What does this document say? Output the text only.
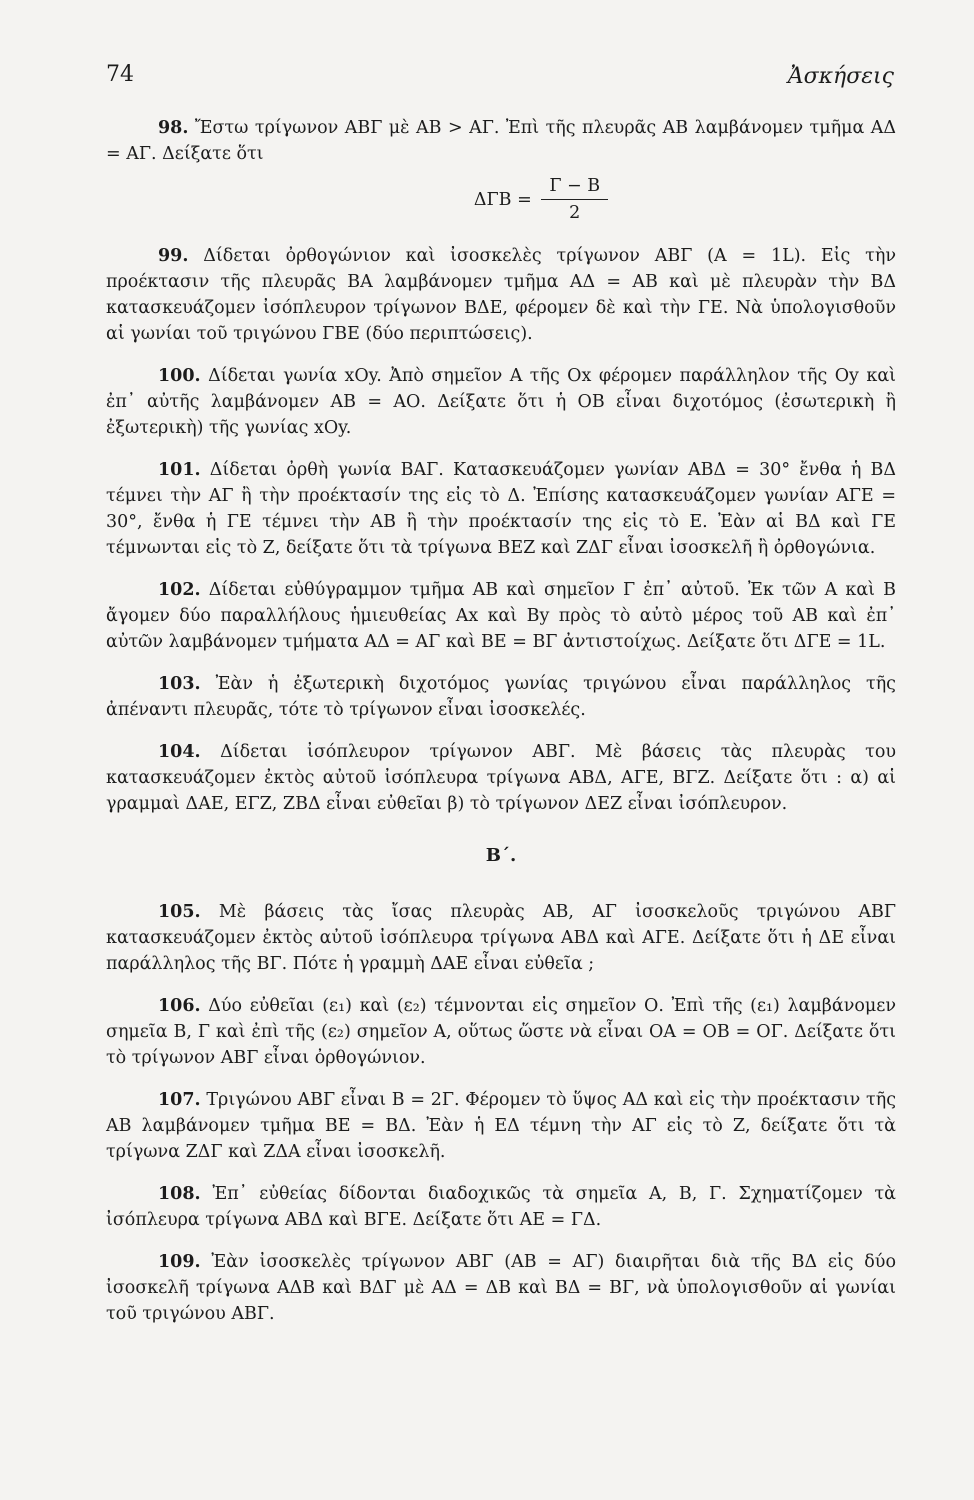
74	Ἀσκήσεις

98. Ἔστω τρίγωνον ΑΒΓ μὲ ΑΒ > ΑΓ. Ἐπὶ τῆς πλευρᾶς ΑΒ λαμβάνομεν τμῆμα ΑΔ = ΑΓ. Δείξατε ὅτι

$\Delta\Gamma B = \frac{\Gamma - B}{2}$

99. Δίδεται ὀρθογώνιον καὶ ἰσοσκελὲς τρίγωνον ΑΒΓ (Α = 1L). Εἰς τὴν προέκτασιν τῆς πλευρᾶς ΒΑ λαμβάνομεν τμῆμα ΑΔ = ΑΒ καὶ μὲ πλευρὰν τὴν ΒΔ κατασκευάζομεν ἰσόπλευρον τρίγωνον ΒΔΕ, φέρομεν δὲ καὶ τὴν ΓΕ. Νὰ ὑπολογισθοῦν αἱ γωνίαι τοῦ τριγώνου ΓΒΕ (δύο περιπτώσεις).

100. Δίδεται γωνία xOy. Ἀπὸ σημεῖον Α τῆς Ox φέρομεν παράλληλον τῆς Oy καὶ ἐπ᾽ αὐτῆς λαμβάνομεν ΑΒ = ΑΟ. Δείξατε ὅτι ἡ ΟΒ εἶναι διχοτόμος (ἐσωτερικὴ ἢ ἐξωτερικὴ) τῆς γωνίας xOy.

101. Δίδεται ὀρθὴ γωνία ΒΑΓ. Κατασκευάζομεν γωνίαν ΑΒΔ = 30° ἔνθα ἡ ΒΔ τέμνει τὴν ΑΓ ἢ τὴν προέκτασίν της εἰς τὸ Δ. Ἐπίσης κατασκευάζομεν γωνίαν ΑΓΕ = 30°, ἔνθα ἡ ΓΕ τέμνει τὴν ΑΒ ἢ τὴν προέκτασίν της εἰς τὸ Ε. Ἐὰν αἱ ΒΔ καὶ ΓΕ τέμνωνται εἰς τὸ Ζ, δείξατε ὅτι τὰ τρίγωνα ΒΕΖ καὶ ΖΔΓ εἶναι ἰσοσκελῆ ἢ ὀρθογώνια.

102. Δίδεται εὐθύγραμμον τμῆμα ΑΒ καὶ σημεῖον Γ ἐπ᾽ αὐτοῦ. Ἐκ τῶν Α καὶ Β ἄγομεν δύο παραλλήλους ἡμιευθείας Ax καὶ By πρὸς τὸ αὐτὸ μέρος τοῦ ΑΒ καὶ ἐπ᾽ αὐτῶν λαμβάνομεν τμήματα ΑΔ = ΑΓ καὶ ΒΕ = ΒΓ ἀντιστοίχως. Δείξατε ὅτι ΔΓΕ = 1L.

103. Ἐὰν ἡ ἐξωτερικὴ διχοτόμος γωνίας τριγώνου εἶναι παράλληλος τῆς ἀπέναντι πλευρᾶς, τότε τὸ τρίγωνον εἶναι ἰσοσκελές.

104. Δίδεται ἰσόπλευρον τρίγωνον ΑΒΓ. Μὲ βάσεις τὰς πλευρὰς του κατασκευάζομεν ἐκτὸς αὐτοῦ ἰσόπλευρα τρίγωνα ΑΒΔ, ΑΓΕ, ΒΓΖ. Δείξατε ὅτι : α) αἱ γραμμαὶ ΔΑΕ, ΕΓΖ, ΖΒΔ εἶναι εὐθεῖαι β) τὸ τρίγωνον ΔΕΖ εἶναι ἰσόπλευρον.

Β΄.

105. Μὲ βάσεις τὰς ἴσας πλευρὰς ΑΒ, ΑΓ ἰσοσκελοῦς τριγώνου ΑΒΓ κατασκευάζομεν ἐκτὸς αὐτοῦ ἰσόπλευρα τρίγωνα ΑΒΔ καὶ ΑΓΕ. Δείξατε ὅτι ἡ ΔΕ εἶναι παράλληλος τῆς ΒΓ. Πότε ἡ γραμμὴ ΔΑΕ εἶναι εὐθεῖα ;

106. Δύο εὐθεῖαι (ε₁) καὶ (ε₂) τέμνονται εἰς σημεῖον Ο. Ἐπὶ τῆς (ε₁) λαμβάνομεν σημεῖα Β, Γ καὶ ἐπὶ τῆς (ε₂) σημεῖον Α, οὕτως ὥστε νὰ εἶναι ΟΑ = ΟΒ = ΟΓ. Δείξατε ὅτι τὸ τρίγωνον ΑΒΓ εἶναι ὀρθογώνιον.

107. Τριγώνου ΑΒΓ εἶναι Β = 2Γ. Φέρομεν τὸ ὕψος ΑΔ καὶ εἰς τὴν προέκτασιν τῆς ΑΒ λαμβάνομεν τμῆμα ΒΕ = ΒΔ. Ἐὰν ἡ ΕΔ τέμνη τὴν ΑΓ εἰς τὸ Ζ, δείξατε ὅτι τὰ τρίγωνα ΖΔΓ καὶ ΖΔΑ εἶναι ἰσοσκελῆ.

108. Ἐπ᾽ εὐθείας δίδονται διαδοχικῶς τὰ σημεῖα Α, Β, Γ. Σχηματίζομεν τὰ ἰσόπλευρα τρίγωνα ΑΒΔ καὶ ΒΓΕ. Δείξατε ὅτι ΑΕ = ΓΔ.

109. Ἐὰν ἰσοσκελὲς τρίγωνον ΑΒΓ (ΑΒ = ΑΓ) διαιρῆται διὰ τῆς ΒΔ εἰς δύο ἰσοσκελῆ τρίγωνα ΑΔΒ καὶ ΒΔΓ μὲ ΑΔ = ΔΒ καὶ ΒΔ = ΒΓ, νὰ ὑπολογισθοῦν αἱ γωνίαι τοῦ τριγώνου ΑΒΓ.
